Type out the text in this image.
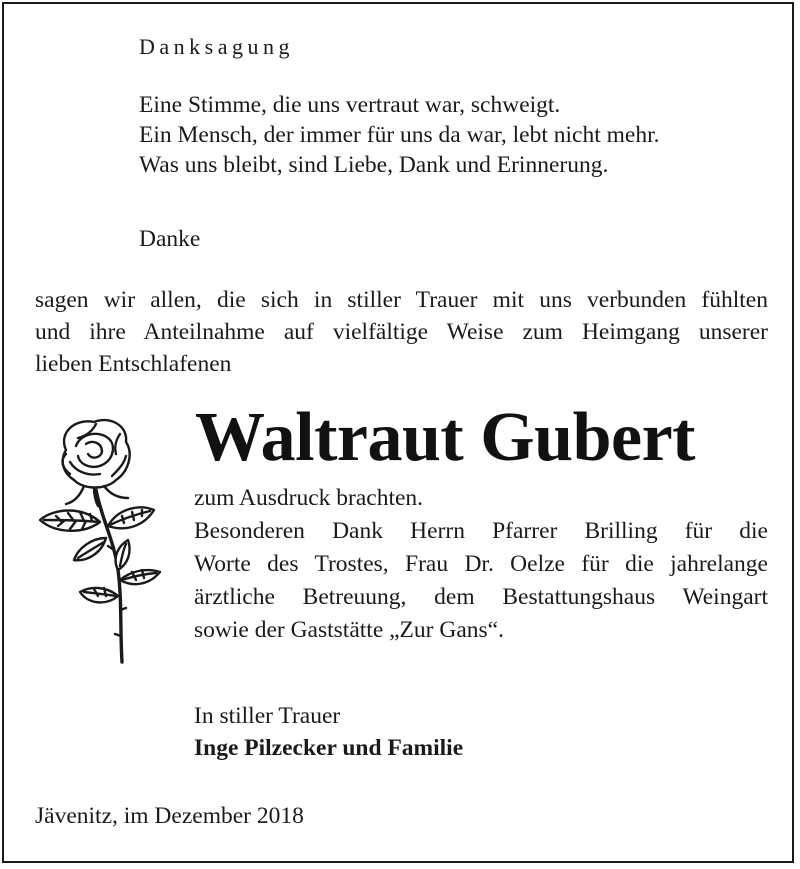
Danksagung
Eine Stimme, die uns vertraut war, schweigt.
Ein Mensch, der immer für uns da war, lebt nicht mehr.
Was uns bleibt, sind Liebe, Dank und Erinnerung.
Danke
sagen wir allen, die sich in stiller Trauer mit uns verbunden fühlten
und ihre Anteilnahme auf vielfältige Weise zum Heimgang unserer
lieben Entschlafenen
Waltraut Gubert
zum Ausdruck brachten.
Besonderen Dank Herrn Pfarrer Brilling für die
Worte des Trostes, Frau Dr. Oelze für die jahrelange
ärztliche Betreuung, dem Bestattungshaus Weingart
sowie der Gaststätte „Zur Gans“.
In stiller Trauer
Inge Pilzecker und Familie
Jävenitz, im Dezember 2018
